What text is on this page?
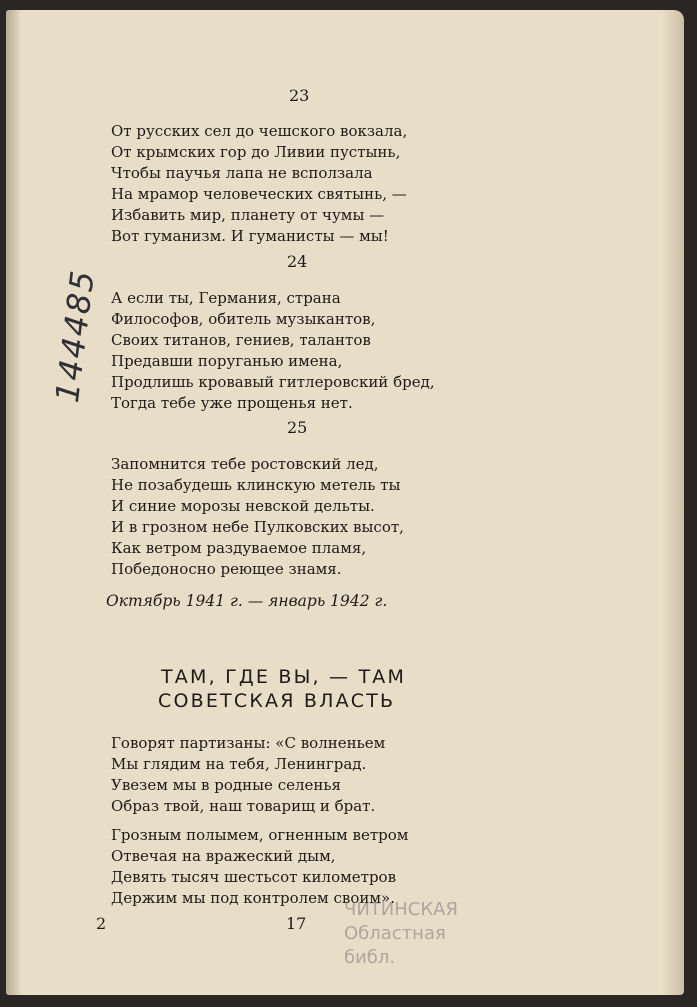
23
От русских сел до чешского вокзала,
От крымских гор до Ливии пустынь,
Чтобы паучья лапа не всползала
На мрамор человеческих святынь, —
Избавить мир, планету от чумы —
Вот гуманизм. И гуманисты — мы!
24
А если ты, Германия, страна
Философов, обитель музыкантов,
Своих титанов, гениев, талантов
Предавши поруганью имена,
Продлишь кровавый гитлеровский бред,
Тогда тебе уже прощенья нет.
25
Запомнится тебе ростовский лед,
Не позабудешь клинскую метель ты
И синие морозы невской дельты.
И в грозном небе Пулковских высот,
Как ветром раздуваемое пламя,
Победоносно реющее знамя.
Октябрь 1941 г. — январь 1942 г.
ТАМ, ГДЕ ВЫ, — ТАМ
СОВЕТСКАЯ ВЛАСТЬ
Говорят партизаны: «С волненьем
Мы глядим на тебя, Ленинград.
Увезем мы в родные селенья
Образ твой, наш товарищ и брат.
Грозным полымем, огненным ветром
Отвечая на вражеский дым,
Девять тысяч шестьсот километров
Держим мы под контролем своим».
2	17
144485
ЧИТИНСКАЯ
Областная
библ.
